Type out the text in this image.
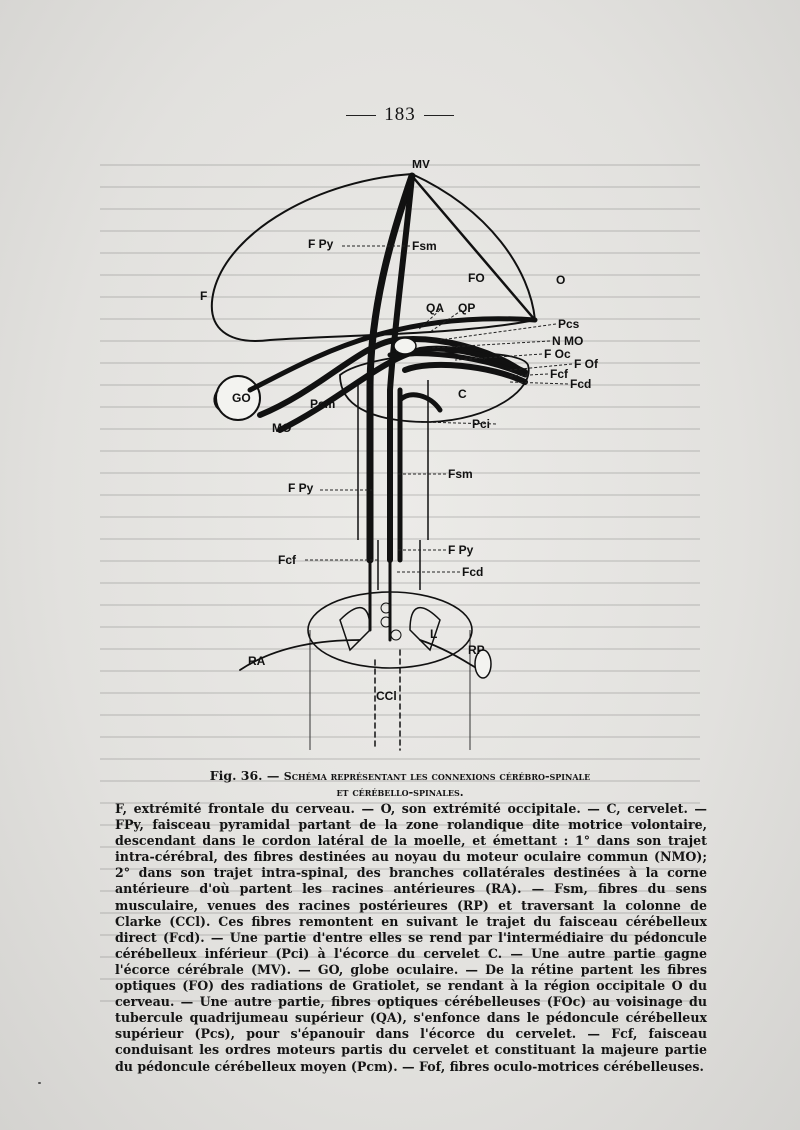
183
MV
F Py	Fsm
F
FO	O
QA QP
Pcs
N MO
F Oc
F Of
Fcf
Fcd
GO	Pcm
C
MO	Pci
Fsm
F Py
Fcf
F Py
Fcd
L
RA
RP
CCl
Fig. 36. — Schéma représentant les connexions cérébro-spinale
et cérébello-spinales.

F, extrémité frontale du cerveau. — O, son extrémité occipitale. — C, cervelet. — FPy, faisceau pyramidal partant de la zone rolandique dite motrice volontaire, descendant dans le cordon latéral de la moelle, et émettant : 1° dans son trajet intra-cérébral, des fibres destinées au noyau du moteur oculaire commun (NMO); 2° dans son trajet intra-spinal, des branches collatérales destinées à la corne antérieure d'où partent les racines antérieures (RA). — Fsm, fibres du sens musculaire, venues des racines postérieures (RP) et traversant la colonne de Clarke (CCl). Ces fibres remontent en suivant le trajet du faisceau cérébelleux direct (Fcd). — Une partie d'entre elles se rend par l'intermédiaire du pédoncule cérébelleux inférieur (Pci) à l'écorce du cervelet C. — Une autre partie gagne l'écorce cérébrale (MV). — GO, globe oculaire. — De la rétine partent les fibres optiques (FO) des radiations de Gratiolet, se rendant à la région occipitale O du cerveau. — Une autre partie, fibres optiques cérébelleuses (FOc) au voisinage du tubercule quadrijumeau supérieur (QA), s'enfonce dans le pédoncule cérébelleux supérieur (Pcs), pour s'épanouir dans l'écorce du cervelet. — Fcf, faisceau conduisant les ordres moteurs partis du cervelet et constituant la majeure partie du pédoncule cérébelleux moyen (Pcm). — Fof, fibres oculo-motrices cérébelleuses.
